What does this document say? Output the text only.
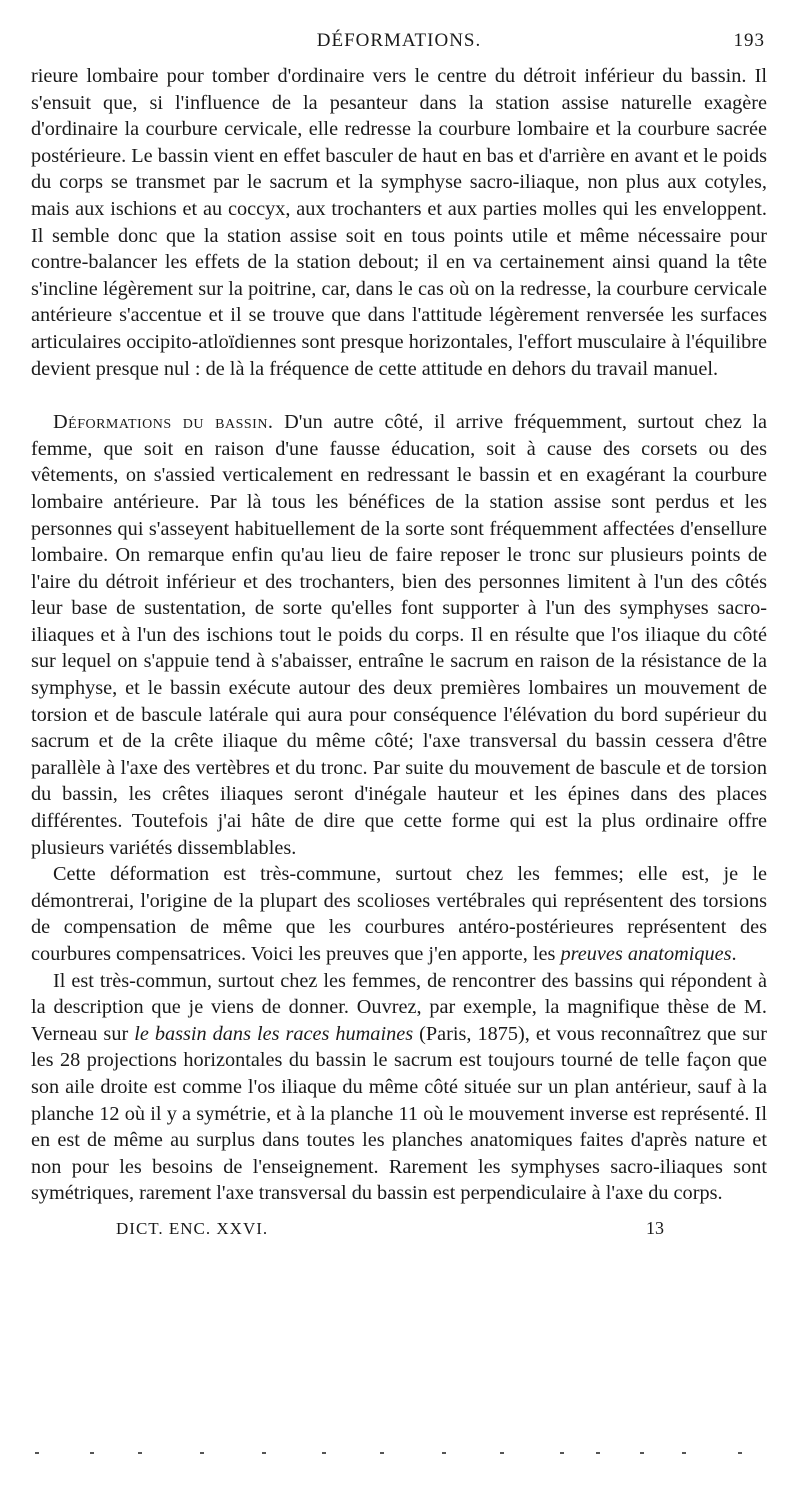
DÉFORMATIONS.	193

rieure lombaire pour tomber d'ordinaire vers le centre du détroit inférieur du bassin. Il s'ensuit que, si l'influence de la pesanteur dans la station assise naturelle exagère d'ordinaire la courbure cervicale, elle redresse la courbure lombaire et la courbure sacrée postérieure. Le bassin vient en effet basculer de haut en bas et d'arrière en avant et le poids du corps se transmet par le sacrum et la symphyse sacro-iliaque, non plus aux cotyles, mais aux ischions et au coccyx, aux trochanters et aux parties molles qui les enveloppent. Il semble donc que la station assise soit en tous points utile et même nécessaire pour contre-balancer les effets de la station debout; il en va certainement ainsi quand la tête s'incline légèrement sur la poitrine, car, dans le cas où on la redresse, la courbure cervicale antérieure s'accentue et il se trouve que dans l'attitude légèrement renversée les surfaces articulaires occipito-atloïdiennes sont presque horizontales, l'effort musculaire à l'équilibre devient presque nul : de là la fréquence de cette attitude en dehors du travail manuel.

Déformations du bassin. D'un autre côté, il arrive fréquemment, surtout chez la femme, que soit en raison d'une fausse éducation, soit à cause des corsets ou des vêtements, on s'assied verticalement en redressant le bassin et en exagérant la courbure lombaire antérieure. Par là tous les bénéfices de la station assise sont perdus et les personnes qui s'asseyent habituellement de la sorte sont fréquemment affectées d'ensellure lombaire. On remarque enfin qu'au lieu de faire reposer le tronc sur plusieurs points de l'aire du détroit inférieur et des trochanters, bien des personnes limitent à l'un des côtés leur base de sustentation, de sorte qu'elles font supporter à l'un des symphyses sacro-iliaques et à l'un des ischions tout le poids du corps. Il en résulte que l'os iliaque du côté sur lequel on s'appuie tend à s'abaisser, entraîne le sacrum en raison de la résistance de la symphyse, et le bassin exécute autour des deux premières lombaires un mouvement de torsion et de bascule latérale qui aura pour conséquence l'élévation du bord supérieur du sacrum et de la crête iliaque du même côté; l'axe transversal du bassin cessera d'être parallèle à l'axe des vertèbres et du tronc. Par suite du mouvement de bascule et de torsion du bassin, les crêtes iliaques seront d'inégale hauteur et les épines dans des places différentes. Toutefois j'ai hâte de dire que cette forme qui est la plus ordinaire offre plusieurs variétés dissemblables.

Cette déformation est très-commune, surtout chez les femmes; elle est, je le démontrerai, l'origine de la plupart des scolioses vertébrales qui représentent des torsions de compensation de même que les courbures antéro-postérieures représentent des courbures compensatrices. Voici les preuves que j'en apporte, les preuves anatomiques.

Il est très-commun, surtout chez les femmes, de rencontrer des bassins qui répondent à la description que je viens de donner. Ouvrez, par exemple, la magnifique thèse de M. Verneau sur le bassin dans les races humaines (Paris, 1875), et vous reconnaîtrez que sur les 28 projections horizontales du bassin le sacrum est toujours tourné de telle façon que son aile droite est comme l'os iliaque du même côté située sur un plan antérieur, sauf à la planche 12 où il y a symétrie, et à la planche 11 où le mouvement inverse est représenté. Il en est de même au surplus dans toutes les planches anatomiques faites d'après nature et non pour les besoins de l'enseignement. Rarement les symphyses sacro-iliaques sont symétriques, rarement l'axe transversal du bassin est perpendiculaire à l'axe du corps.

DICT. ENC. XXVI.	13
